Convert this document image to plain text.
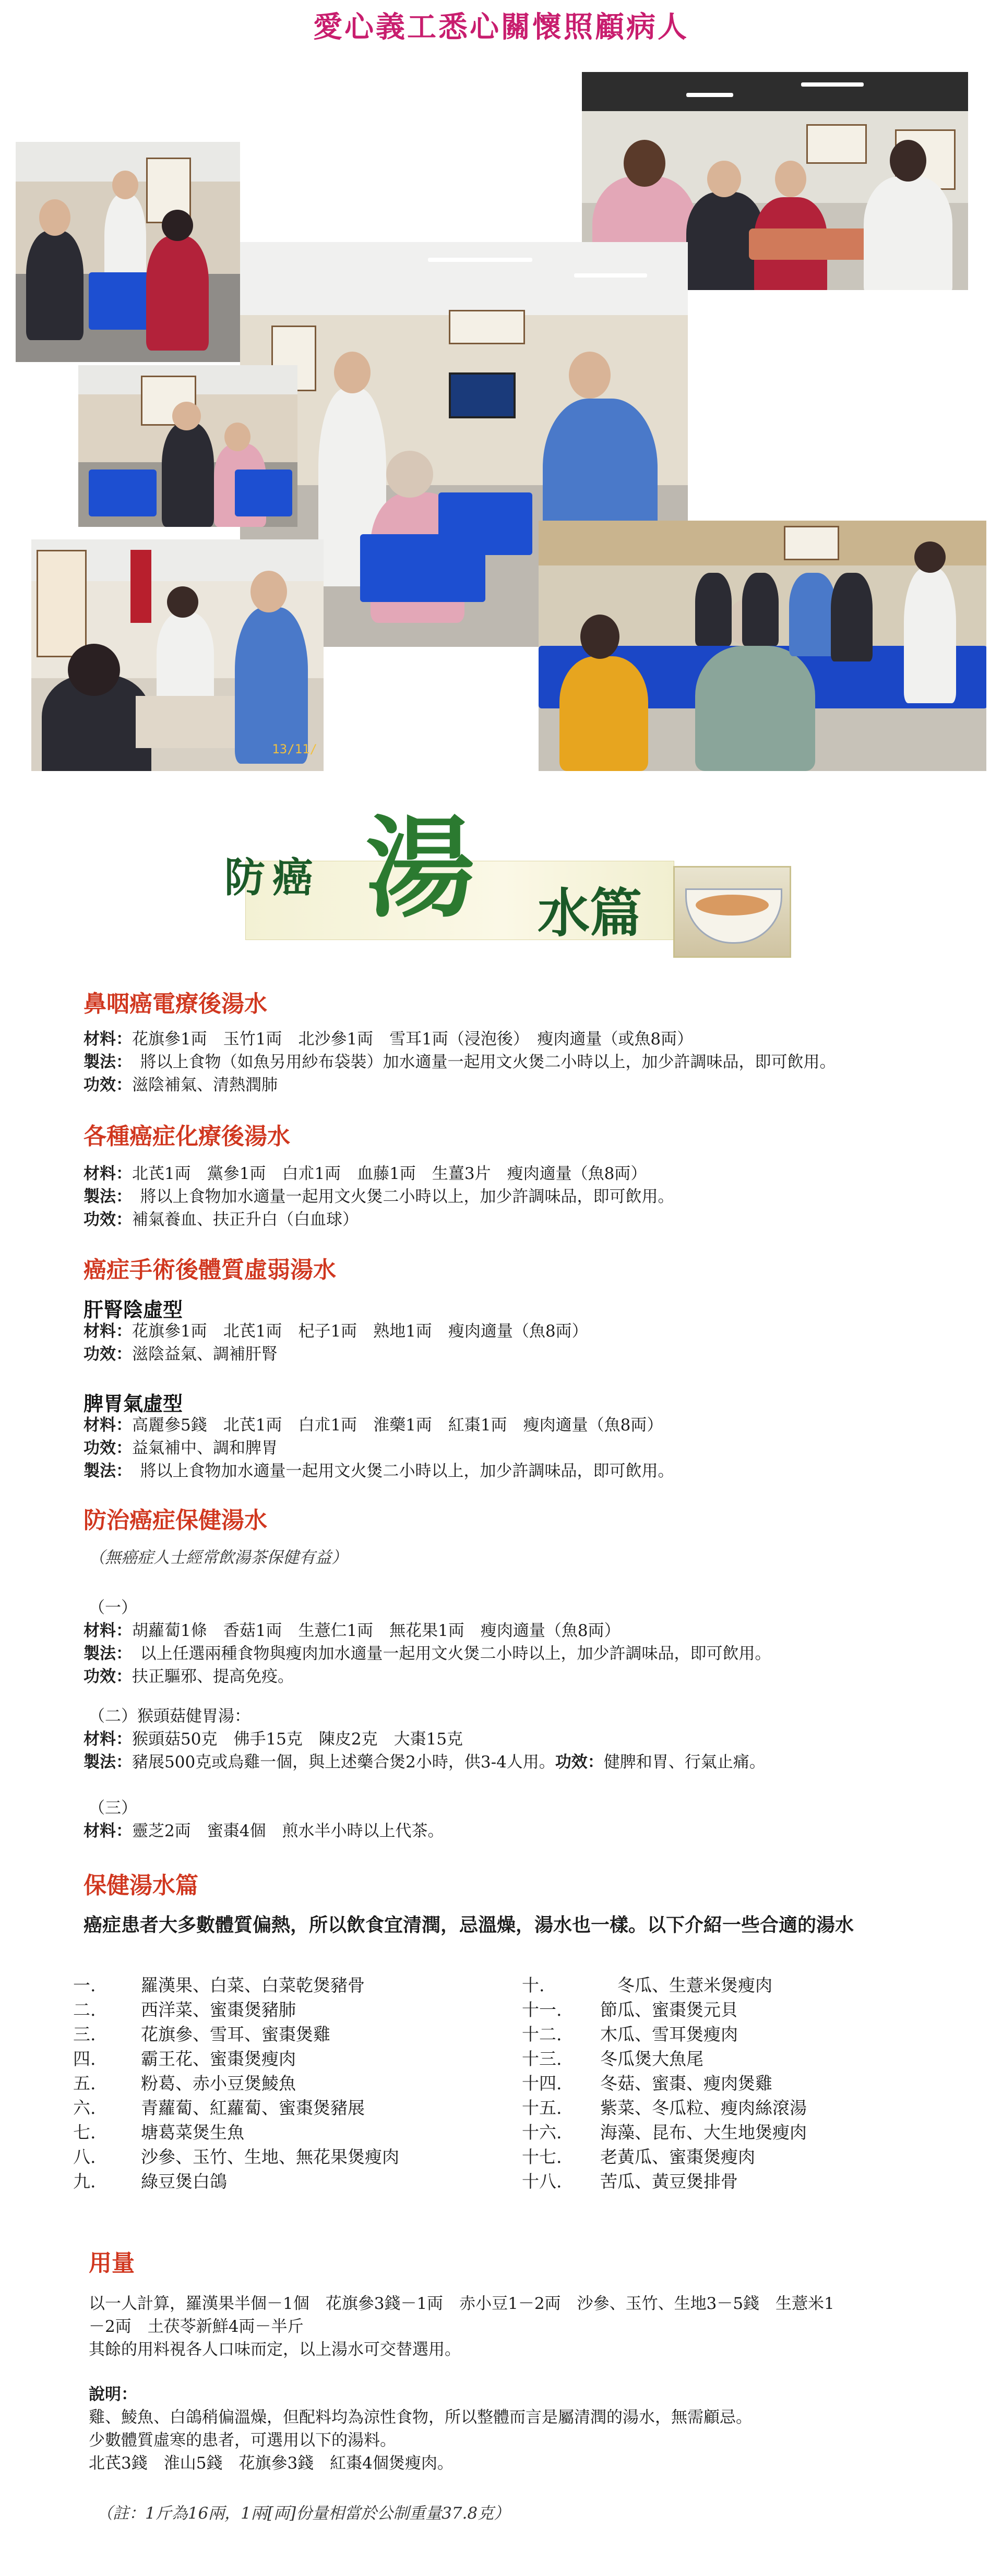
愛心義工悉心關懷照顧病人
13/11/
防癌 湯 水篇
鼻咽癌電療後湯水
材料：花旗參1両　玉竹1両　北沙參1両　雪耳1両（浸泡後）　瘦肉適量（或魚8両）
製法：　將以上食物（如魚另用紗布袋裝）加水適量一起用文火煲二小時以上，加少許調味品，即可飲用。
功效：滋陰補氣、清熱潤肺
各種癌症化療後湯水
材料：北芪1両　黨參1両　白朮1両　血藤1両　生薑3片　瘦肉適量（魚8両）
製法：　將以上食物加水適量一起用文火煲二小時以上，加少許調味品，即可飲用。
功效：補氣養血、扶正升白（白血球）
癌症手術後體質虛弱湯水
肝腎陰虛型
材料：花旗參1両　北芪1両　杞子1両　熟地1両　瘦肉適量（魚8両）
功效：滋陰益氣、調補肝腎
脾胃氣虛型
材料：高麗參5錢　北芪1両　白朮1両　淮藥1両　紅棗1両　瘦肉適量（魚8両）
功效：益氣補中、調和脾胃
製法：　將以上食物加水適量一起用文火煲二小時以上，加少許調味品，即可飲用。
防治癌症保健湯水
（無癌症人士經常飲湯茶保健有益）
（一）
材料：胡蘿蔔1條　香菇1両　生薏仁1両　無花果1両　瘦肉適量（魚8両）
製法：　以上任選兩種食物與瘦肉加水適量一起用文火煲二小時以上，加少許調味品，即可飲用。
功效：扶正驅邪、提高免疫。
（二）猴頭菇健胃湯：
材料：猴頭菇50克　佛手15克　陳皮2克　大棗15克
製法：豬展500克或烏雞一個，與上述藥合煲2小時，供3-4人用。功效：健脾和胃、行氣止痛。
（三）
材料：靈芝2両　蜜棗4個　煎水半小時以上代茶。
保健湯水篇
癌症患者大多數體質偏熱，所以飲食宜清潤，忌溫燥，湯水也一樣。以下介紹一些合適的湯水
一.	羅漢果、白菜、白菜乾煲豬骨
二.	西洋菜、蜜棗煲豬肺
三.	花旗參、雪耳、蜜棗煲雞
四.	霸王花、蜜棗煲瘦肉
五.	粉葛、赤小豆煲鯪魚
六.	青蘿蔔、紅蘿蔔、蜜棗煲豬展
七.	塘葛菜煲生魚
八.	沙參、玉竹、生地、無花果煲瘦肉
九.	綠豆煲白鴿
十.	　冬瓜、生薏米煲瘦肉
十一. 節瓜、蜜棗煲元貝
十二. 木瓜、雪耳煲瘦肉
十三. 冬瓜煲大魚尾
十四. 冬菇、蜜棗、瘦肉煲雞
十五. 紫菜、冬瓜粒、瘦肉絲滾湯
十六. 海藻、昆布、大生地煲瘦肉
十七. 老黃瓜、蜜棗煲瘦肉
十八. 苦瓜、黃豆煲排骨
用量
以一人計算，羅漢果半個－1個　花旗參3錢－1両　赤小豆1－2両　沙參、玉竹、生地3－5錢　生薏米1
－2両　土茯苓新鮮4両－半斤
其餘的用料視各人口味而定，以上湯水可交替選用。
說明：
雞、鯪魚、白鴿稍偏溫燥，但配料均為涼性食物，所以整體而言是屬清潤的湯水，無需顧忌。
少數體質虛寒的患者，可選用以下的湯料。
北芪3錢　淮山5錢　花旗參3錢　紅棗4個煲瘦肉。
（註：1斤為16兩，1兩[両]份量相當於公制重量37.8克）
